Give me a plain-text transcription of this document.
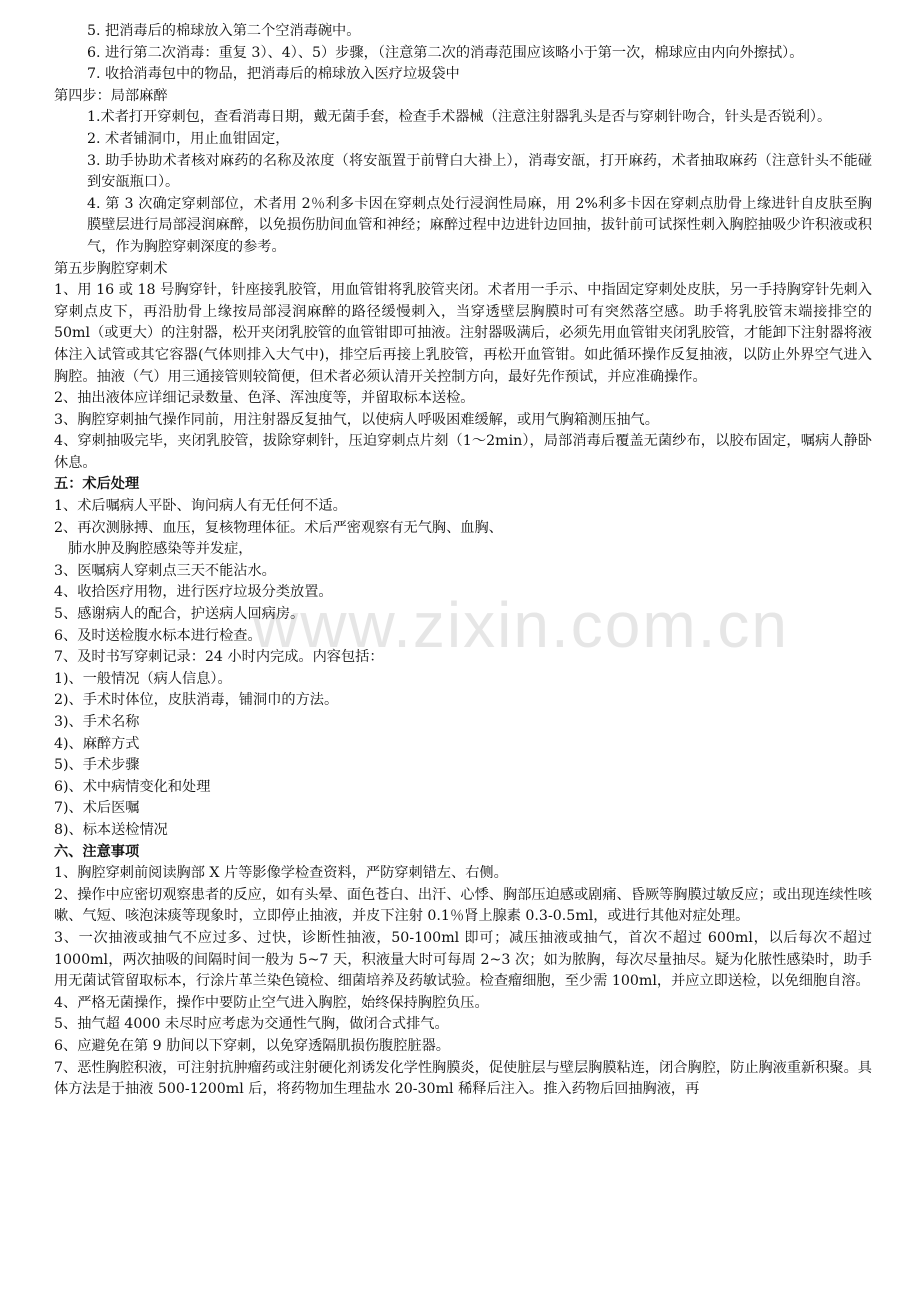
www.zixin.com.cn

5. 把消毒后的棉球放入第二个空消毒碗中。

6. 进行第二次消毒：重复 3）、4）、5）步骤，（注意第二次的消毒范围应该略小于第一次，棉球应由内向外擦拭）。

7. 收拾消毒包中的物品，把消毒后的棉球放入医疗垃圾袋中

第四步：局部麻醉

1.术者打开穿刺包，查看消毒日期，戴无菌手套，检查手术器械（注意注射器乳头是否与穿刺针吻合，针头是否锐利）。

2. 术者铺洞巾，用止血钳固定，

3. 助手协助术者核对麻药的名称及浓度（将安瓿置于前臂白大褂上），消毒安瓿，打开麻药，术者抽取麻药（注意针头不能碰到安瓿瓶口）。

4. 第 3 次确定穿刺部位，术者用 2％利多卡因在穿刺点处行浸润性局麻，用 2%利多卡因在穿刺点肋骨上缘进针自皮肤至胸膜壁层进行局部浸润麻醉，以免损伤肋间血管和神经；麻醉过程中边进针边回抽，拔针前可试探性刺入胸腔抽吸少许积液或积气，作为胸腔穿刺深度的参考。

第五步胸腔穿刺术

1、用 16 或 18 号胸穿针，针座接乳胶管，用血管钳将乳胶管夹闭。术者用一手示、中指固定穿刺处皮肤，另一手持胸穿针先刺入穿刺点皮下，再沿肋骨上缘按局部浸润麻醉的路径缓慢刺入，当穿透壁层胸膜时可有突然落空感。助手将乳胶管末端接排空的 50ml（或更大）的注射器，松开夹闭乳胶管的血管钳即可抽液。注射器吸满后，必须先用血管钳夹闭乳胶管，才能卸下注射器将液体注入试管或其它容器(气体则排入大气中)，排空后再接上乳胶管，再松开血管钳。如此循环操作反复抽液，以防止外界空气进入胸腔。抽液（气）用三通接管则较简便，但术者必须认清开关控制方向，最好先作预试，并应准确操作。

2、抽出液体应详细记录数量、色泽、浑浊度等，并留取标本送检。

3、胸腔穿刺抽气操作同前，用注射器反复抽气，以使病人呼吸困难缓解，或用气胸箱测压抽气。

4、穿刺抽吸完毕，夹闭乳胶管，拔除穿刺针，压迫穿刺点片刻（1～2min），局部消毒后覆盖无菌纱布，以胶布固定，嘱病人静卧休息。

五：术后处理

1、术后嘱病人平卧、询问病人有无任何不适。

2、再次测脉搏、血压，复核物理体征。术后严密观察有无气胸、血胸、

肺水肿及胸腔感染等并发症，

3、医嘱病人穿刺点三天不能沾水。

4、收拾医疗用物，进行医疗垃圾分类放置。

5、感谢病人的配合，护送病人回病房。

6、及时送检腹水标本进行检查。

7、及时书写穿刺记录：24 小时内完成。内容包括：

1)、一般情况（病人信息）。

2)、手术时体位，皮肤消毒，铺洞巾的方法。

3)、手术名称

4)、麻醉方式

5)、手术步骤

6)、术中病情变化和处理

7)、术后医嘱

8)、标本送检情况

六、注意事项

1、胸腔穿刺前阅读胸部 X 片等影像学检查资料，严防穿刺错左、右侧。

2、操作中应密切观察患者的反应，如有头晕、面色苍白、出汗、心悸、胸部压迫感或剧痛、昏厥等胸膜过敏反应；或出现连续性咳嗽、气短、咳泡沫痰等现象时，立即停止抽液，并皮下注射 0.1％肾上腺素 0.3-0.5ml，或进行其他对症处理。

3、一次抽液或抽气不应过多、过快，诊断性抽液，50-100ml 即可；减压抽液或抽气，首次不超过 600ml，以后每次不超过 1000ml，两次抽吸的间隔时间一般为 5~7 天，积液量大时可每周 2~3 次；如为脓胸，每次尽量抽尽。疑为化脓性感染时，助手用无菌试管留取标本，行涂片革兰染色镜检、细菌培养及药敏试验。检查瘤细胞，至少需 100ml，并应立即送检，以免细胞自溶。

4、严格无菌操作，操作中要防止空气进入胸腔，始终保持胸腔负压。

5、抽气超 4000 未尽时应考虑为交通性气胸，做闭合式排气。

6、应避免在第 9 肋间以下穿刺，以免穿透隔肌损伤腹腔脏器。

7、恶性胸腔积液，可注射抗肿瘤药或注射硬化剂诱发化学性胸膜炎，促使脏层与壁层胸膜粘连，闭合胸腔，防止胸液重新积聚。具体方法是于抽液 500-1200ml 后，将药物加生理盐水 20-30ml 稀释后注入。推入药物后回抽胸液，再
